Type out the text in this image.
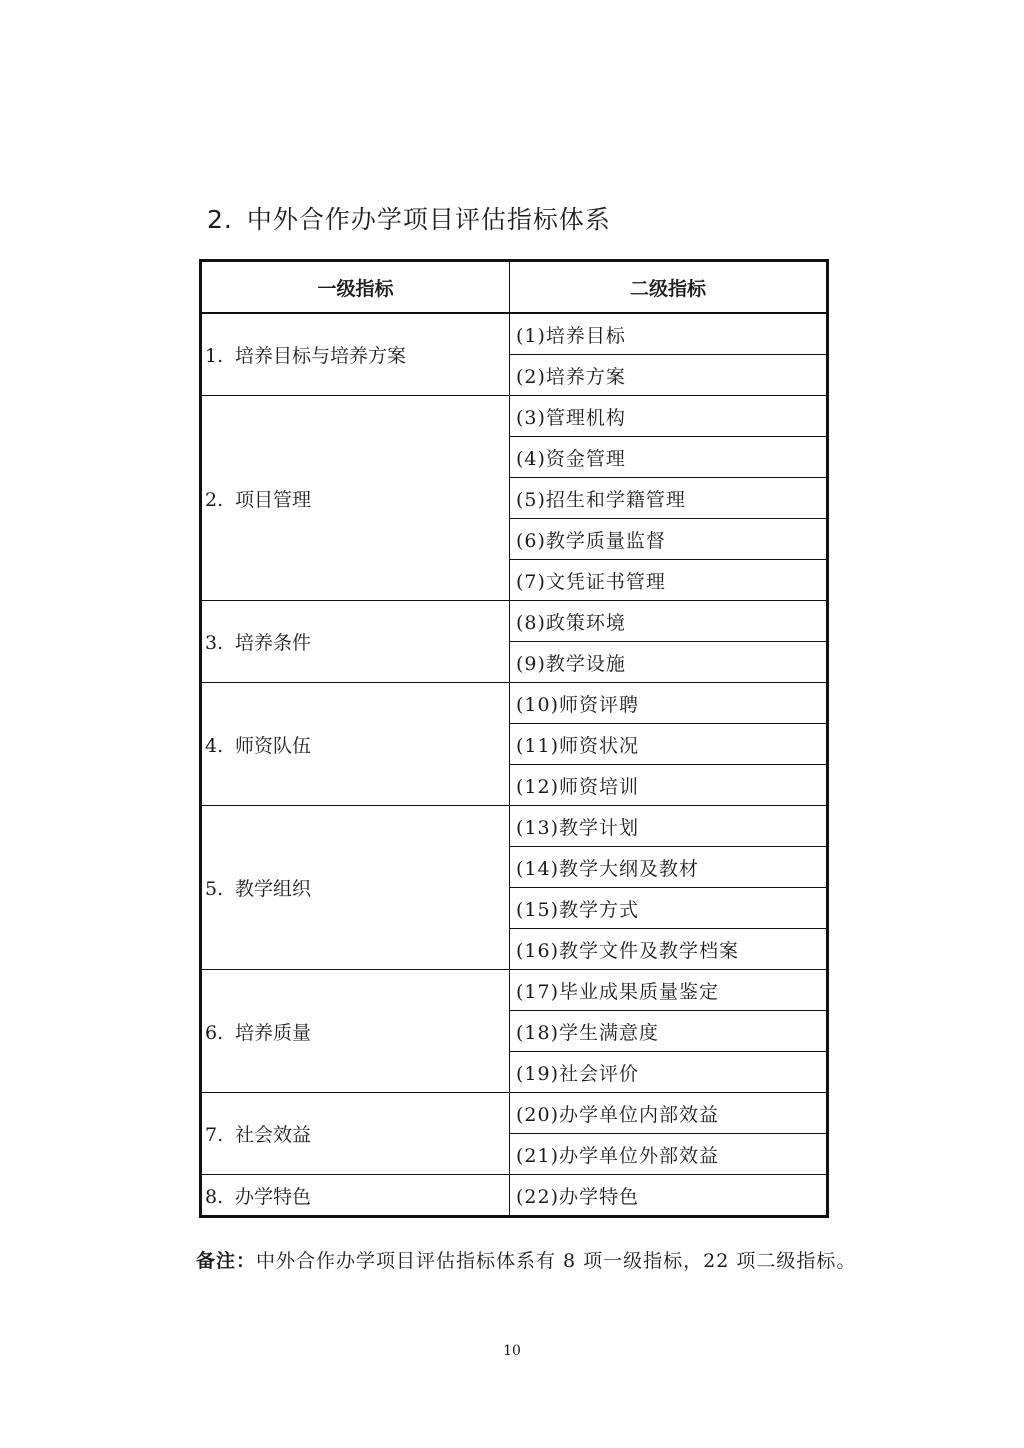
2. 中外合作办学项目评估指标体系
一级指标	二级指标
1. 培养目标与培养方案	(1)培养目标
	(2)培养方案
2. 项目管理	(3)管理机构
	(4)资金管理
	(5)招生和学籍管理
	(6)教学质量监督
	(7)文凭证书管理
3. 培养条件	(8)政策环境
	(9)教学设施
4. 师资队伍	(10)师资评聘
	(11)师资状况
	(12)师资培训
5. 教学组织	(13)教学计划
	(14)教学大纲及教材
	(15)教学方式
	(16)教学文件及教学档案
6. 培养质量	(17)毕业成果质量鉴定
	(18)学生满意度
	(19)社会评价
7. 社会效益	(20)办学单位内部效益
	(21)办学单位外部效益
8. 办学特色	(22)办学特色
备注：中外合作办学项目评估指标体系有 8 项一级指标，22 项二级指标。
10
